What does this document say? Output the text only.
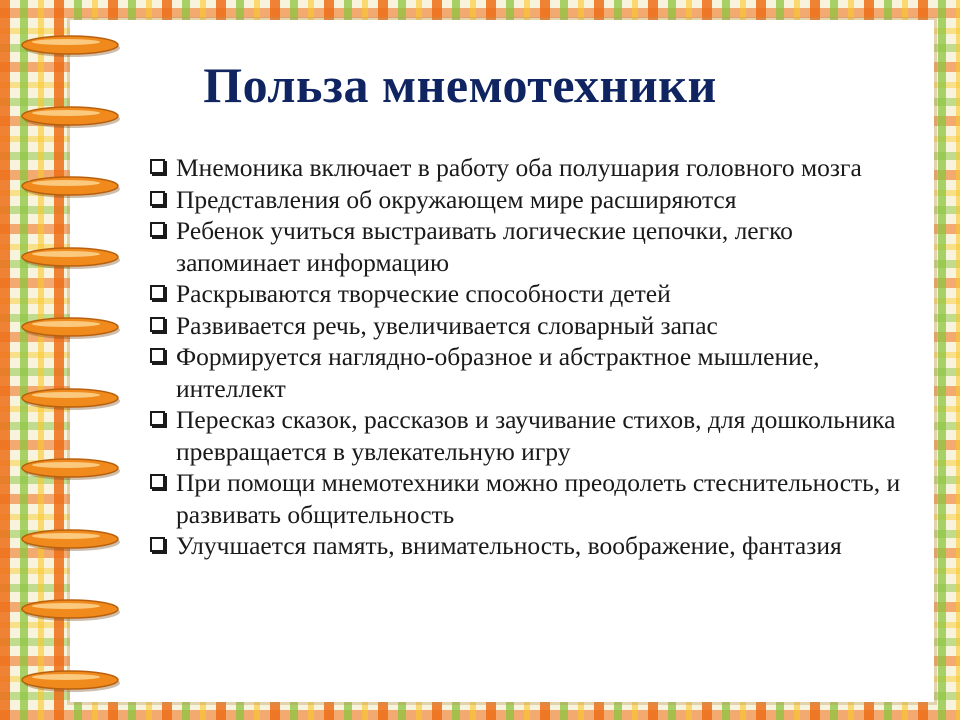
Польза мнемотехники
Мнемоника включает в работу оба полушария головного мозга
Представления об окружающем мире расширяются
Ребенок учиться выстраивать логические цепочки, легко запоминает информацию
Раскрываются творческие способности детей
Развивается речь, увеличивается словарный запас
Формируется наглядно-образное и абстрактное мышление, интеллект
Пересказ сказок, рассказов и заучивание стихов, для дошкольника превращается в увлекательную игру
При помощи мнемотехники можно преодолеть стеснительность, и развивать общительность
Улучшается память, внимательность, воображение, фантазия
